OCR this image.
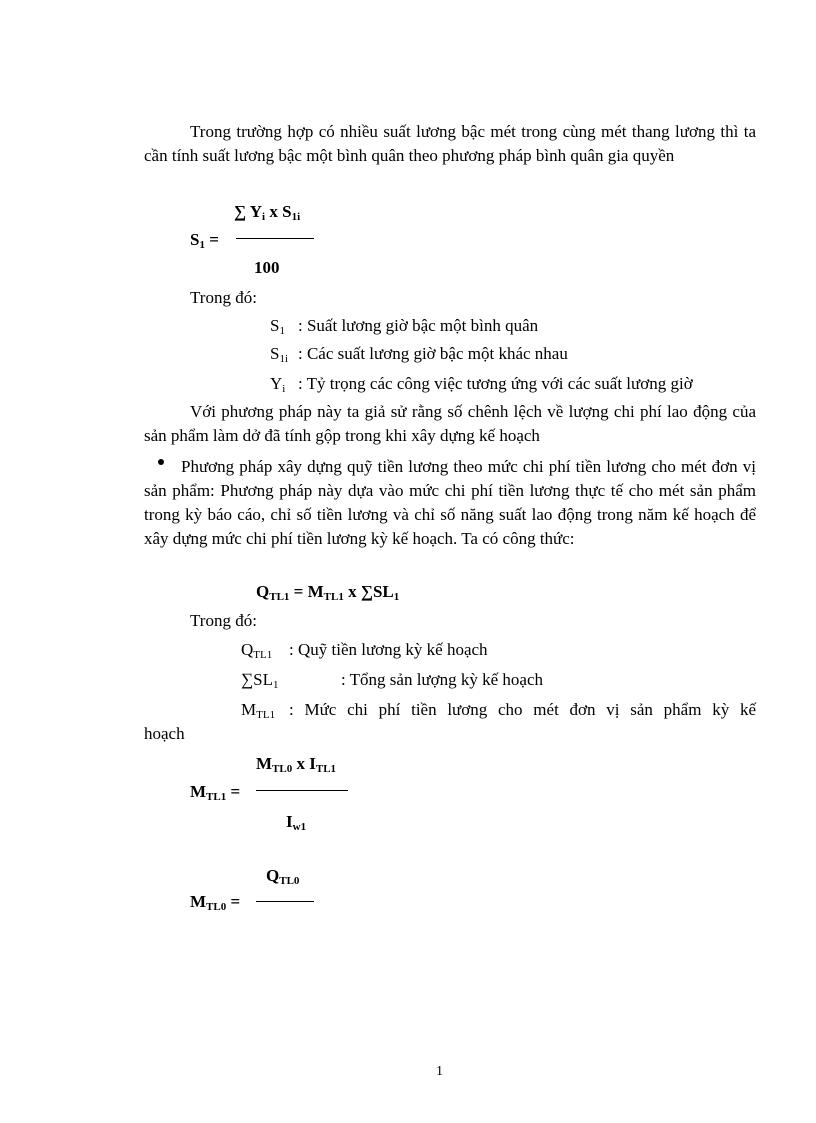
Trong trường hợp có nhiều suất lương bậc mét trong cùng mét thang lương thì ta cần tính suất lương bậc một bình quân theo phương pháp bình quân gia quyền

∑ $Y_i$ x $S_{1i}$
S1 =
100
Trong đó:
$S_1$ : Suất lương giờ bậc một bình quân
$S_{1i}$ : Các suất lương giờ bậc một khác nhau
$Y_i$ : Tỷ trọng các công việc tương ứng với các suất lương giờ

Với phương pháp này ta giả sử rằng số chênh lệch về lượng chi phí lao động của sản phẩm làm dở đã tính gộp trong khi xây dựng kế hoạch

Phương pháp xây dựng quỹ tiền lương theo mức chi phí tiền lương cho mét đơn vị sản phẩm: Phương pháp này dựa vào mức chi phí tiền lương thực tế cho mét sản phẩm trong kỳ báo cáo, chỉ số tiền lương và chỉ số năng suất lao động trong năm kế hoạch để xây dựng mức chi phí tiền lương kỳ kế hoạch. Ta có công thức:

QTL1 = MTL1 x ∑SL1
Trong đó:
$Q_{TL1}$ : Quỹ tiền lương kỳ kế hoạch
$\sum SL_1$	: Tổng sản lượng kỳ kế hoạch
$M_{TL1}$ : Mức chi phí tiền lương cho mét đơn vị sản phẩm kỳ kế
hoạch
MTL0 x ITL1
MTL1 =
Iw1
QTL0
MTL0 =
1
